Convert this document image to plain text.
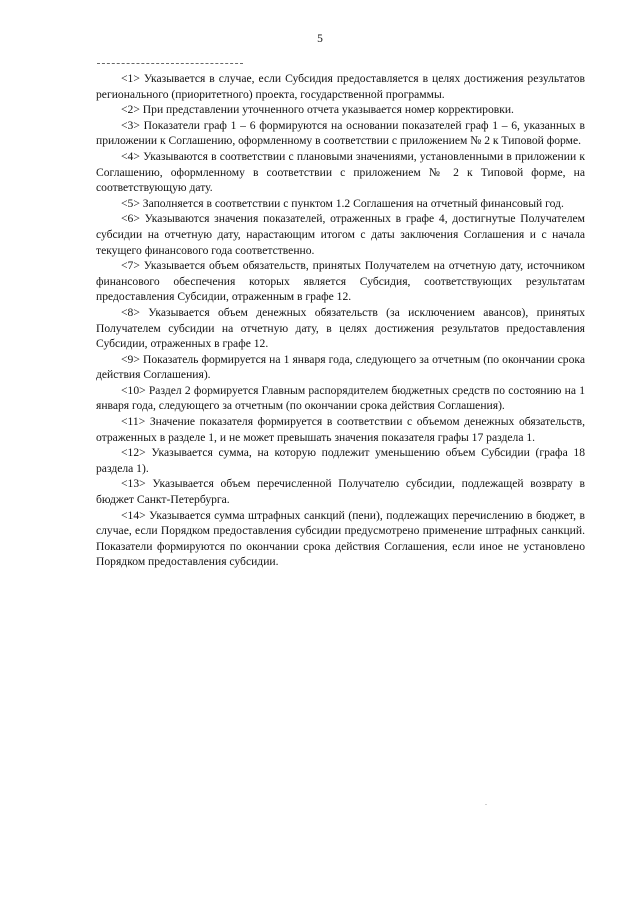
5

<1> Указывается в случае, если Субсидия предоставляется в целях достижения результатов регионального (приоритетного) проекта, государственной программы.

<2> При представлении уточненного отчета указывается номер корректировки.

<3> Показатели граф 1 – 6 формируются на основании показателей граф 1 – 6, указанных в приложении к Соглашению, оформленному в соответствии с приложением № 2 к Типовой форме.

<4> Указываются в соответствии с плановыми значениями, установленными в приложении к Соглашению, оформленному в соответствии с приложением № 2 к Типовой форме, на соответствующую дату.

<5> Заполняется в соответствии с пунктом 1.2 Соглашения на отчетный финансовый год.

<6> Указываются значения показателей, отраженных в графе 4, достигнутые Получателем субсидии на отчетную дату, нарастающим итогом с даты заключения Соглашения и с начала текущего финансового года соответственно.

<7> Указывается объем обязательств, принятых Получателем на отчетную дату, источником финансового обеспечения которых является Субсидия, соответствующих результатам предоставления Субсидии, отраженным в графе 12.

<8> Указывается объем денежных обязательств (за исключением авансов), принятых Получателем субсидии на отчетную дату, в целях достижения результатов предоставления Субсидии, отраженных в графе 12.

<9> Показатель формируется на 1 января года, следующего за отчетным (по окончании срока действия Соглашения).

<10> Раздел 2 формируется Главным распорядителем бюджетных средств по состоянию на 1 января года, следующего за отчетным (по окончании срока действия Соглашения).

<11> Значение показателя формируется в соответствии с объемом денежных обязательств, отраженных в разделе 1, и не может превышать значения показателя графы 17 раздела 1.

<12> Указывается сумма, на которую подлежит уменьшению объем Субсидии (графа 18 раздела 1).

<13> Указывается объем перечисленной Получателю субсидии, подлежащей возврату в бюджет Санкт-Петербурга.

<14> Указывается сумма штрафных санкций (пени), подлежащих перечислению в бюджет, в случае, если Порядком предоставления субсидии предусмотрено применение штрафных санкций. Показатели формируются по окончании срока действия Соглашения, если иное не установлено Порядком предоставления субсидии.
